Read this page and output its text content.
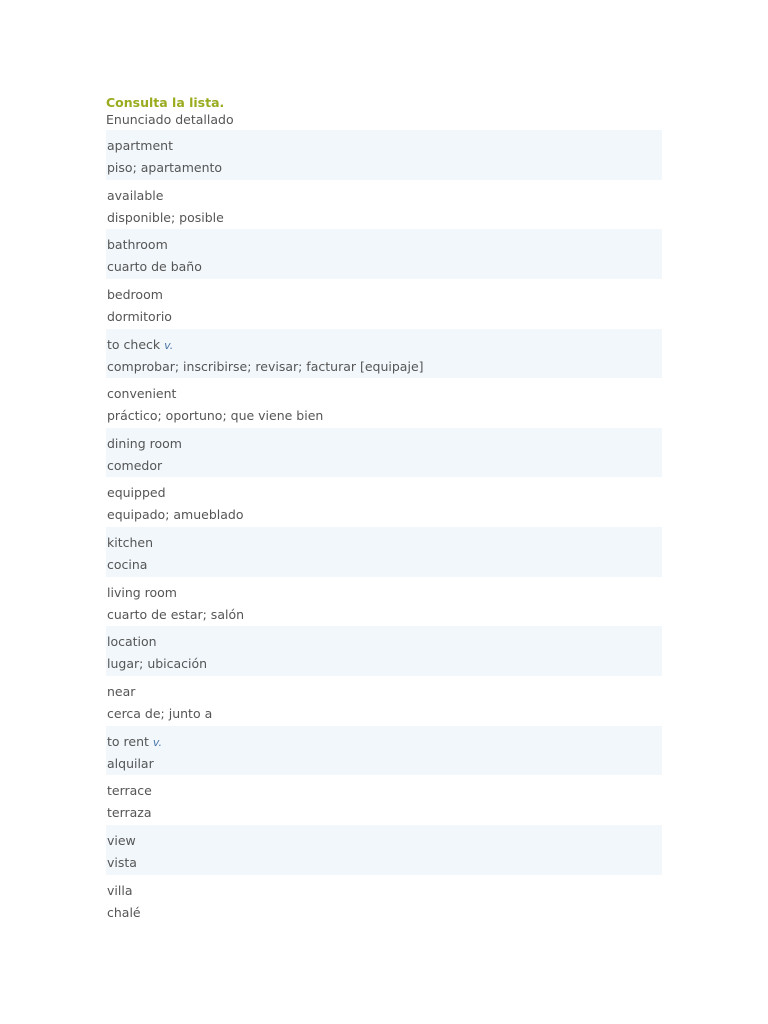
Consulta la lista.
Enunciado detallado
apartment
piso; apartamento
available
disponible; posible
bathroom
cuarto de baño
bedroom
dormitorio
to check v.
comprobar; inscribirse; revisar; facturar [equipaje]
convenient
práctico; oportuno; que viene bien
dining room
comedor
equipped
equipado; amueblado
kitchen
cocina
living room
cuarto de estar; salón
location
lugar; ubicación
near
cerca de; junto a
to rent v.
alquilar
terrace
terraza
view
vista
villa
chalé
